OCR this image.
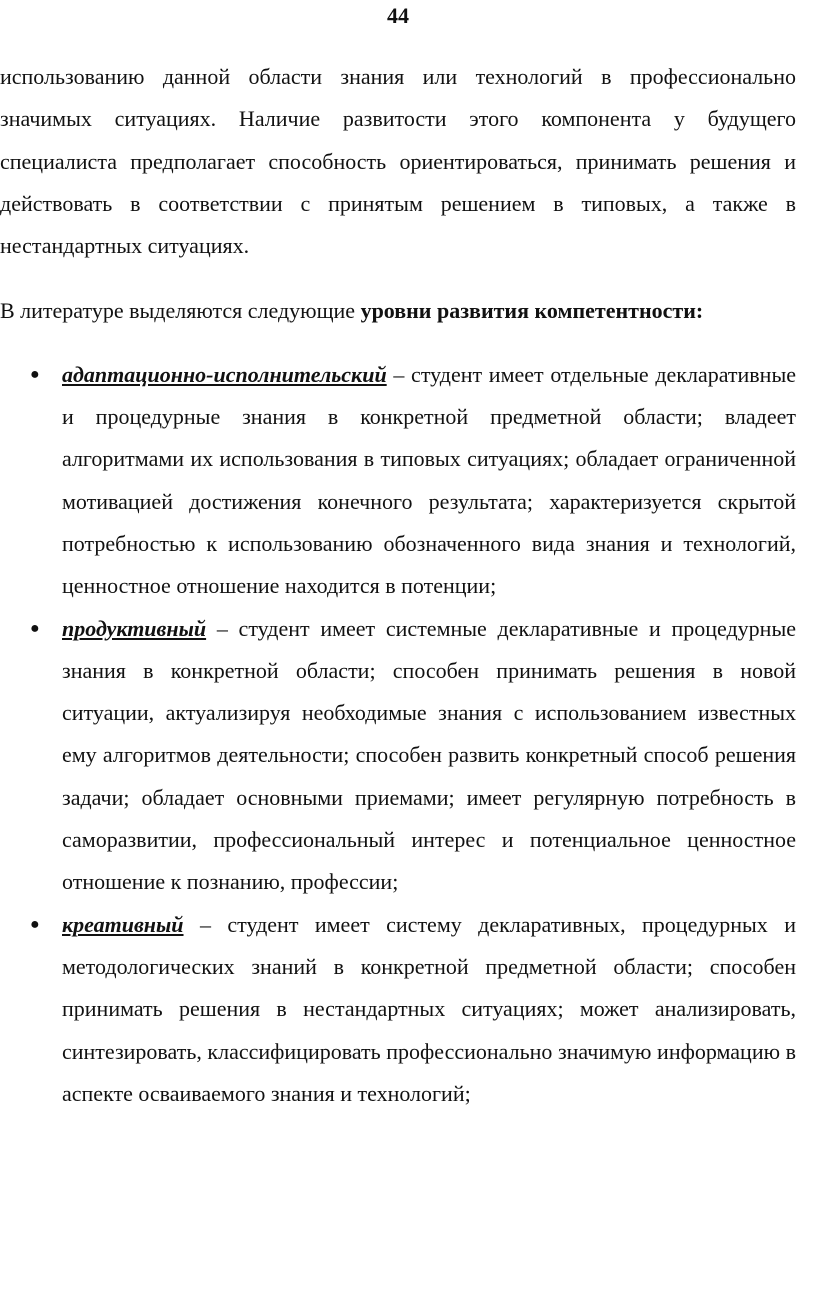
44

использованию данной области знания или технологий в профессионально значимых ситуациях. Наличие развитости этого компонента у будущего специалиста предполагает способность ориентироваться, принимать решения и действовать в соответствии с принятым решением в типовых, а также в нестандартных ситуациях.

В литературе выделяются следующие уровни развития компетентности:

● адаптационно-исполнительский – студент имеет отдельные декларативные и процедурные знания в конкретной предметной области; владеет алгоритмами их использования в типовых ситуациях; обладает ограниченной мотивацией достижения конечного результата; характеризуется скрытой потребностью к использованию обозначенного вида знания и технологий, ценностное отношение находится в потенции;
● продуктивный – студент имеет системные декларативные и процедурные знания в конкретной области; способен принимать решения в новой ситуации, актуализируя необходимые знания с использованием известных ему алгоритмов деятельности; способен развить конкретный способ решения задачи; обладает основными приемами; имеет регулярную потребность в саморазвитии, профессиональный интерес и потенциальное ценностное отношение к познанию, профессии;
● креативный – студент имеет систему декларативных, процедурных и методологических знаний в конкретной предметной области; способен принимать решения в нестандартных ситуациях; может анализировать, синтезировать, классифицировать профессионально значимую информацию в аспекте осваиваемого знания и технологий;
